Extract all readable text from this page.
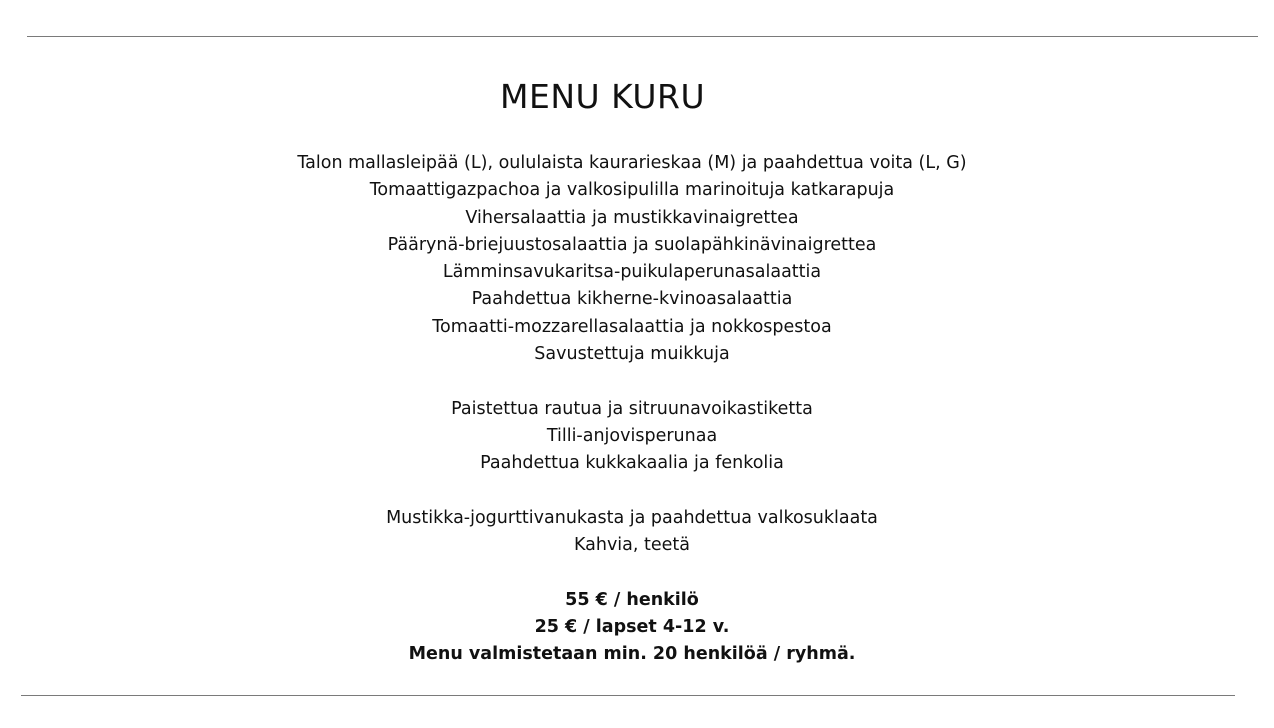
MENU KURU
Talon mallasleipää (L), oululaista kaurarieskaa (M) ja paahdettua voita (L, G)
Tomaattigazpachoa ja valkosipulilla marinoituja katkarapuja
Vihersalaattia ja mustikkavinaigrettea
Päärynä-briejuustosalaattia ja suolapähkinävinaigrettea
Lämminsavukaritsa-puikulaperunasalaattia
Paahdettua kikherne-kvinoasalaattia
Tomaatti-mozzarellasalaattia ja nokkospestoa
Savustettuja muikkuja
Paistettua rautua ja sitruunavoikastiketta
Tilli-anjovisperunaa
Paahdettua kukkakaalia ja fenkolia
Mustikka-jogurttivanukasta ja paahdettua valkosuklaata
Kahvia, teetä
55 € / henkilö
25 € / lapset 4-12 v.
Menu valmistetaan min. 20 henkilöä / ryhmä.
